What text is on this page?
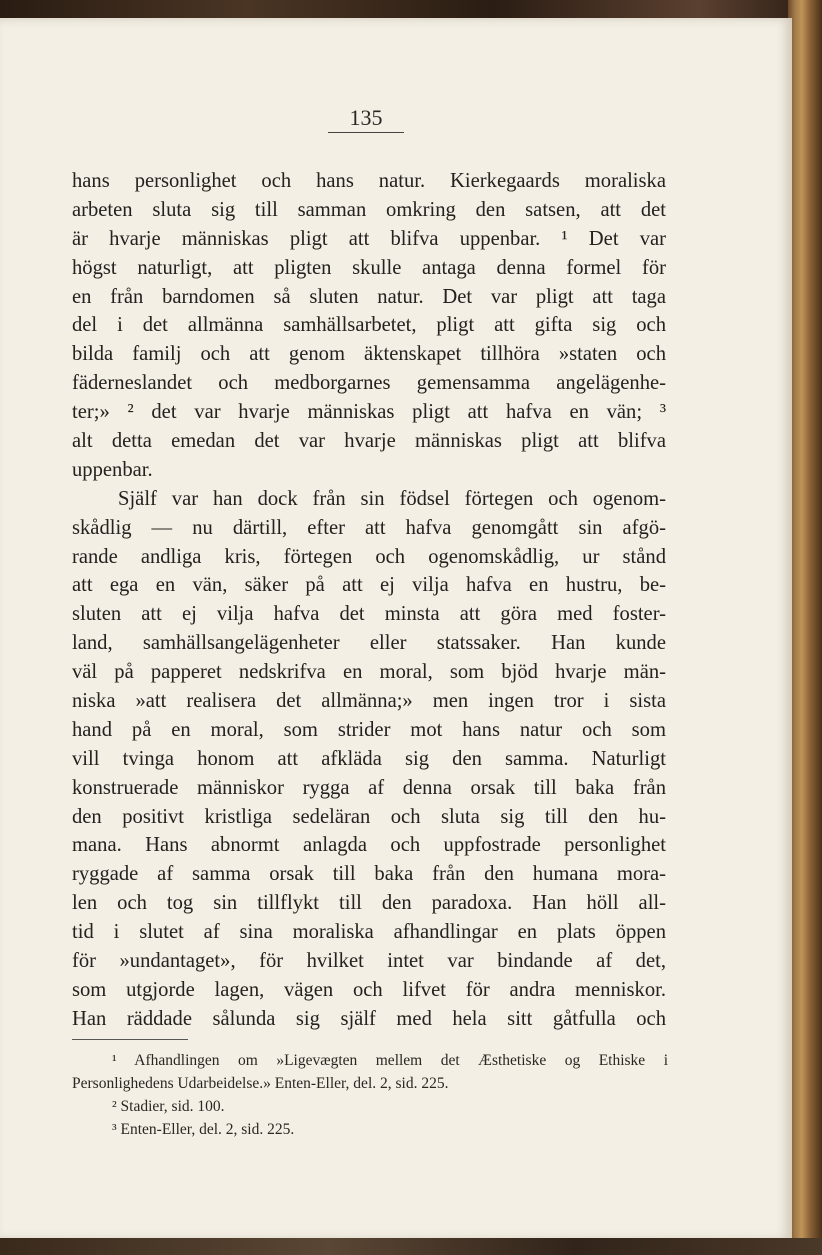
135
hans personlighet och hans natur. Kierkegaards moraliska
arbeten sluta sig till samman omkring den satsen, att det
är hvarje människas pligt att blifva uppenbar. ¹ Det var
högst naturligt, att pligten skulle antaga denna formel för
en från barndomen så sluten natur. Det var pligt att taga
del i det allmänna samhällsarbetet, pligt att gifta sig och
bilda familj och att genom äktenskapet tillhöra »staten och
fäderneslandet och medborgarnes gemensamma angelägenhe-
ter;» ² det var hvarje människas pligt att hafva en vän; ³
alt detta emedan det var hvarje människas pligt att blifva
uppenbar.
Själf var han dock från sin födsel förtegen och ogenom-
skådlig — nu därtill, efter att hafva genomgått sin afgö-
rande andliga kris, förtegen och ogenomskådlig, ur stånd
att ega en vän, säker på att ej vilja hafva en hustru, be-
sluten att ej vilja hafva det minsta att göra med foster-
land, samhällsangelägenheter eller statssaker. Han kunde
väl på papperet nedskrifva en moral, som bjöd hvarje män-
niska »att realisera det allmänna;» men ingen tror i sista
hand på en moral, som strider mot hans natur och som
vill tvinga honom att afkläda sig den samma. Naturligt
konstruerade människor rygga af denna orsak till baka från
den positivt kristliga sedeläran och sluta sig till den hu-
mana. Hans abnormt anlagda och uppfostrade personlighet
ryggade af samma orsak till baka från den humana mora-
len och tog sin tillflykt till den paradoxa. Han höll all-
tid i slutet af sina moraliska afhandlingar en plats öppen
för »undantaget», för hvilket intet var bindande af det,
som utgjorde lagen, vägen och lifvet för andra menniskor.
Han räddade sålunda sig själf med hela sitt gåtfulla och
¹ Afhandlingen om »Ligevægten mellem det Æsthetiske og Ethiske i
Personlighedens Udarbeidelse.» Enten-Eller, del. 2, sid. 225.
² Stadier, sid. 100.
³ Enten-Eller, del. 2, sid. 225.
